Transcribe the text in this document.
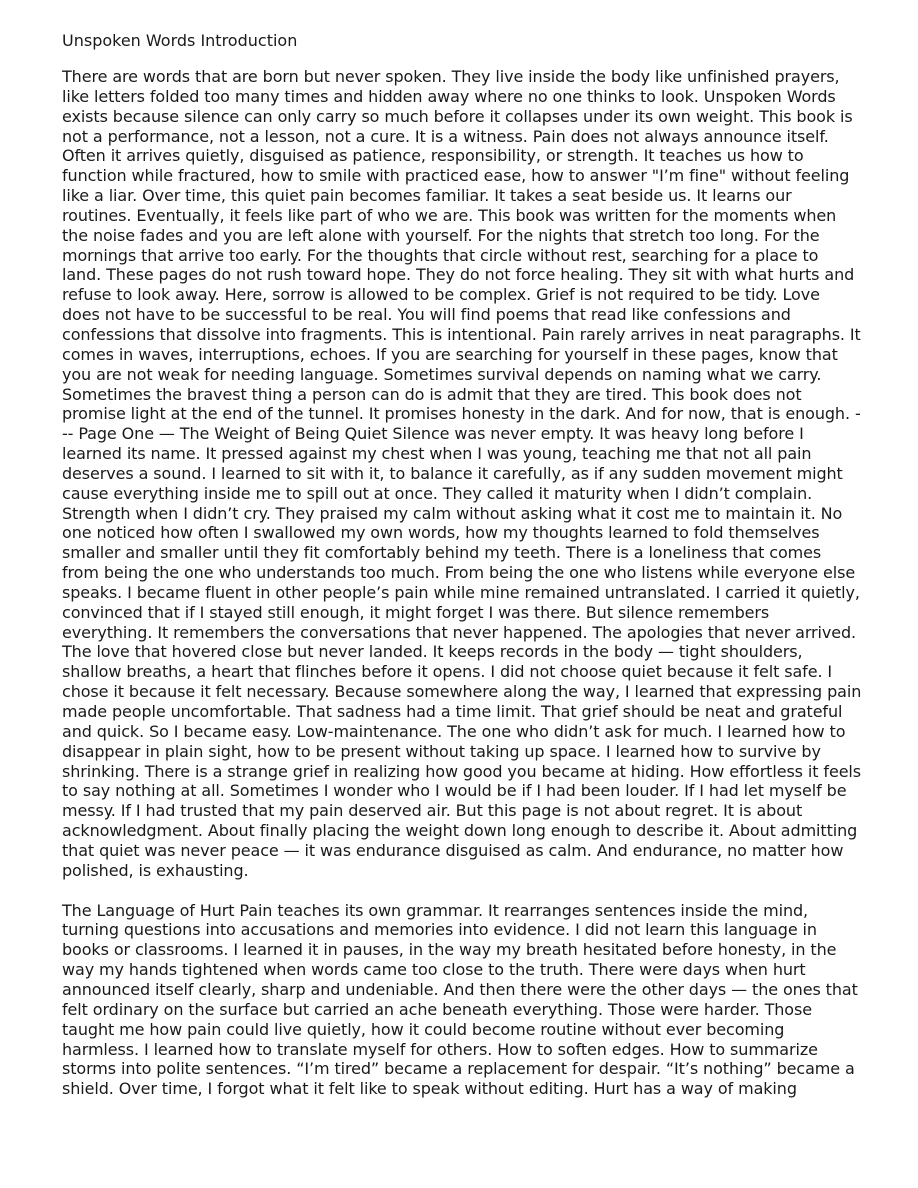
Unspoken Words Introduction

There are words that are born but never spoken. They live inside the body like unfinished prayers, like letters folded too many times and hidden away where no one thinks to look. Unspoken Words exists because silence can only carry so much before it collapses under its own weight. This book is not a performance, not a lesson, not a cure. It is a witness. Pain does not always announce itself. Often it arrives quietly, disguised as patience, responsibility, or strength. It teaches us how to function while fractured, how to smile with practiced ease, how to answer "I’m fine" without feeling like a liar. Over time, this quiet pain becomes familiar. It takes a seat beside us. It learns our routines. Eventually, it feels like part of who we are. This book was written for the moments when the noise fades and you are left alone with yourself. For the nights that stretch too long. For the mornings that arrive too early. For the thoughts that circle without rest, searching for a place to land. These pages do not rush toward hope. They do not force healing. They sit with what hurts and refuse to look away. Here, sorrow is allowed to be complex. Grief is not required to be tidy. Love does not have to be successful to be real. You will find poems that read like confessions and confessions that dissolve into fragments. This is intentional. Pain rarely arrives in neat paragraphs. It comes in waves, interruptions, echoes. If you are searching for yourself in these pages, know that you are not weak for needing language. Sometimes survival depends on naming what we carry. Sometimes the bravest thing a person can do is admit that they are tired. This book does not promise light at the end of the tunnel. It promises honesty in the dark. And for now, that is enough. --- Page One — The Weight of Being Quiet Silence was never empty. It was heavy long before I learned its name. It pressed against my chest when I was young, teaching me that not all pain deserves a sound. I learned to sit with it, to balance it carefully, as if any sudden movement might cause everything inside me to spill out at once. They called it maturity when I didn’t complain. Strength when I didn’t cry. They praised my calm without asking what it cost me to maintain it. No one noticed how often I swallowed my own words, how my thoughts learned to fold themselves smaller and smaller until they fit comfortably behind my teeth. There is a loneliness that comes from being the one who understands too much. From being the one who listens while everyone else speaks. I became fluent in other people’s pain while mine remained untranslated. I carried it quietly, convinced that if I stayed still enough, it might forget I was there. But silence remembers everything. It remembers the conversations that never happened. The apologies that never arrived. The love that hovered close but never landed. It keeps records in the body — tight shoulders, shallow breaths, a heart that flinches before it opens. I did not choose quiet because it felt safe. I chose it because it felt necessary. Because somewhere along the way, I learned that expressing pain made people uncomfortable. That sadness had a time limit. That grief should be neat and grateful and quick. So I became easy. Low-maintenance. The one who didn’t ask for much. I learned how to disappear in plain sight, how to be present without taking up space. I learned how to survive by shrinking. There is a strange grief in realizing how good you became at hiding. How effortless it feels to say nothing at all. Sometimes I wonder who I would be if I had been louder. If I had let myself be messy. If I had trusted that my pain deserved air. But this page is not about regret. It is about acknowledgment. About finally placing the weight down long enough to describe it. About admitting that quiet was never peace — it was endurance disguised as calm. And endurance, no matter how polished, is exhausting.

The Language of Hurt Pain teaches its own grammar. It rearranges sentences inside the mind, turning questions into accusations and memories into evidence. I did not learn this language in books or classrooms. I learned it in pauses, in the way my breath hesitated before honesty, in the way my hands tightened when words came too close to the truth. There were days when hurt announced itself clearly, sharp and undeniable. And then there were the other days — the ones that felt ordinary on the surface but carried an ache beneath everything. Those were harder. Those taught me how pain could live quietly, how it could become routine without ever becoming harmless. I learned how to translate myself for others. How to soften edges. How to summarize storms into polite sentences. “I’m tired” became a replacement for despair. “It’s nothing” became a shield. Over time, I forgot what it felt like to speak without editing. Hurt has a way of making
